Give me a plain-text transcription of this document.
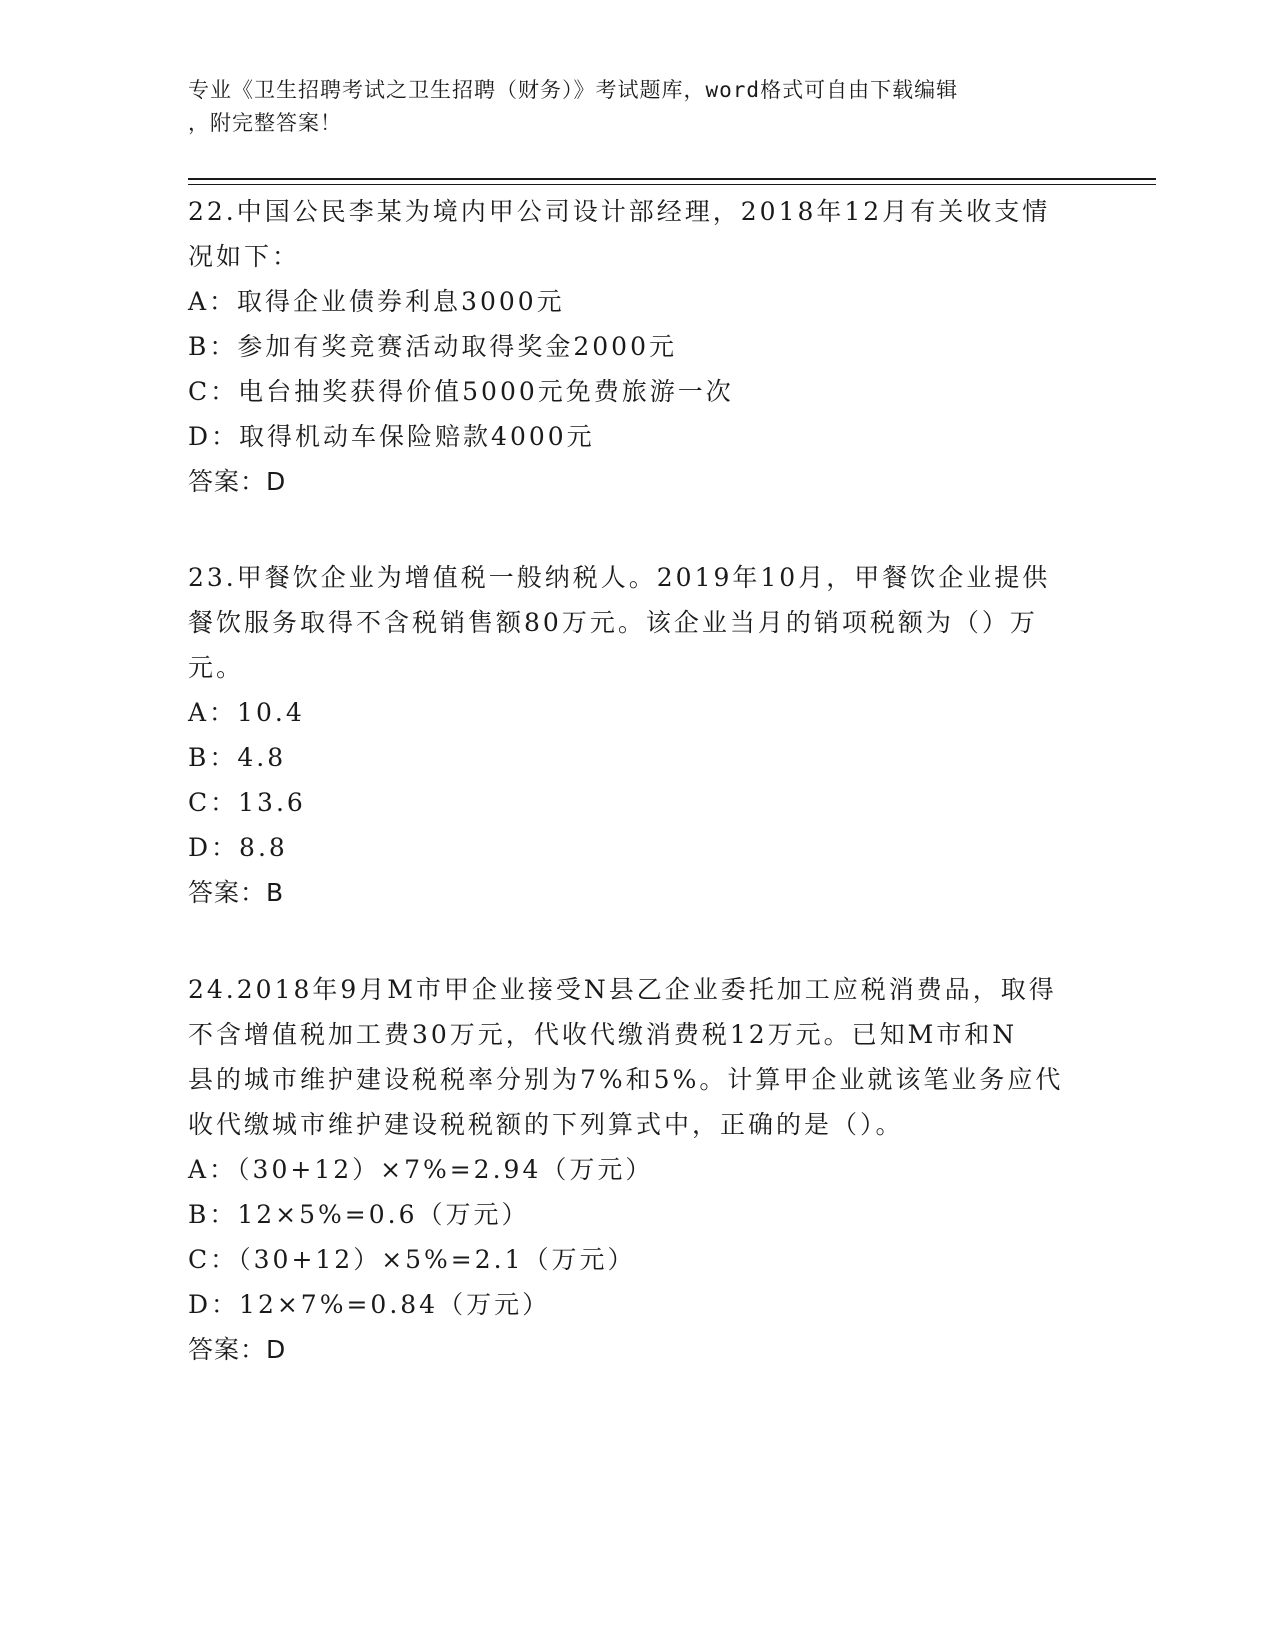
专业《卫生招聘考试之卫生招聘（财务）》考试题库，word格式可自由下载编辑
，附完整答案！

22.中国公民李某为境内甲公司设计部经理，2018年12月有关收支情

况如下：

A：取得企业债券利息3000元

B：参加有奖竞赛活动取得奖金2000元

C：电台抽奖获得价值5000元免费旅游一次

D：取得机动车保险赔款4000元

答案：D

23.甲餐饮企业为增值税一般纳税人。2019年10月，甲餐饮企业提供

餐饮服务取得不含税销售额80万元。该企业当月的销项税额为（）万

元。

A：10.4

B：4.8

C：13.6

D：8.8

答案：B

24.2018年9月M市甲企业接受N县乙企业委托加工应税消费品，取得

不含增值税加工费30万元，代收代缴消费税12万元。已知M市和N

县的城市维护建设税税率分别为7%和5%。计算甲企业就该笔业务应代

收代缴城市维护建设税税额的下列算式中，正确的是（）。

A：（30+12）×7%=2.94（万元）

B：12×5%=0.6（万元）

C：（30+12）×5%=2.1（万元）

D：12×7%=0.84（万元）

答案：D
